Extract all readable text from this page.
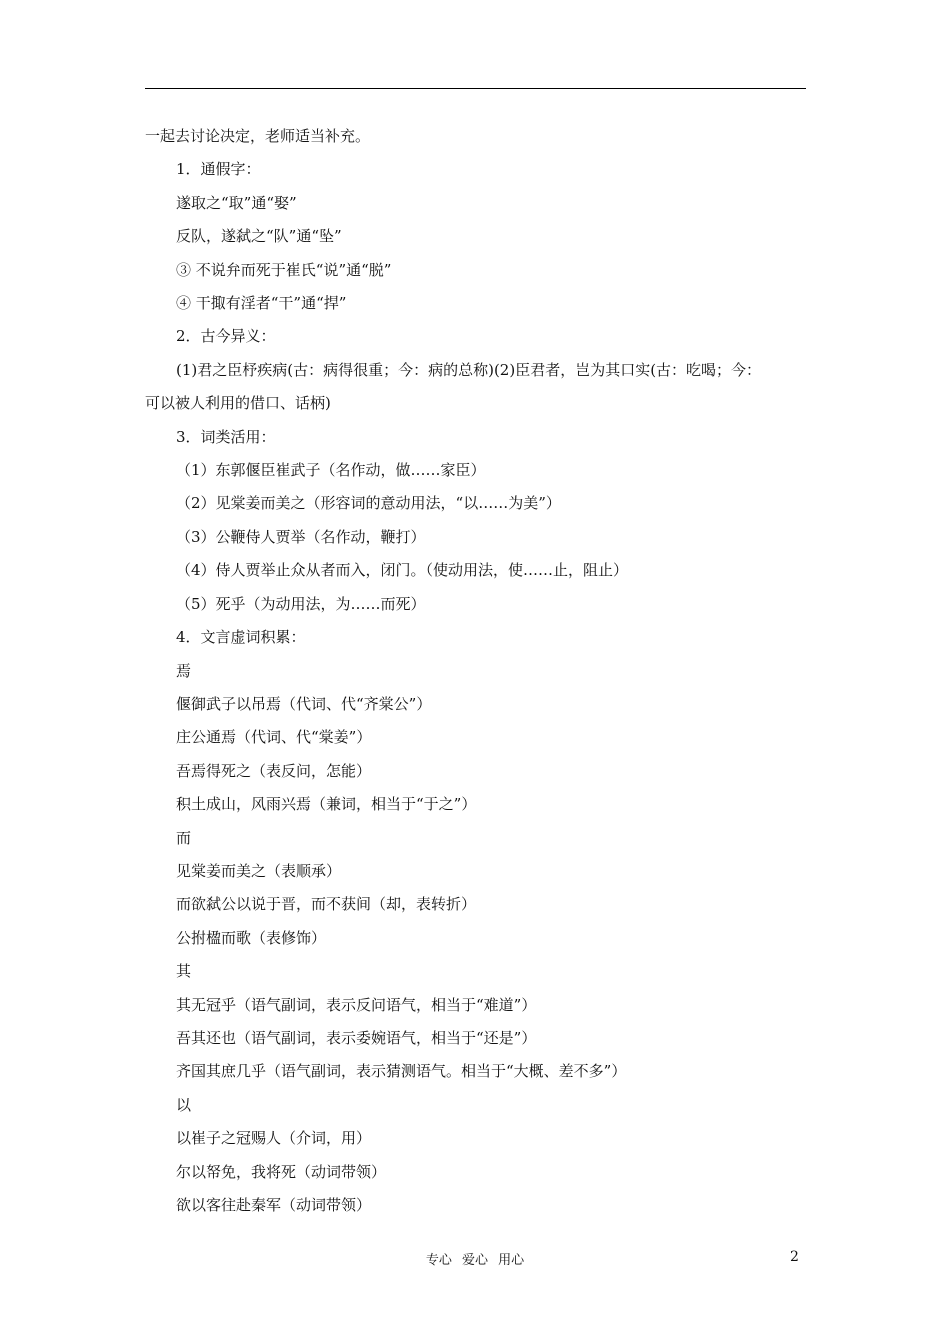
一起去讨论决定，老师适当补充。

1．通假字：

遂取之“取”通“娶”

反队，遂弑之“队”通“坠”

③ 不说弁而死于崔氏“说”通“脱”

④ 干掫有淫者“干”通“捍”

2．古今异义：

(1)君之臣杼疾病(古：病得很重；今：病的总称)(2)臣君者，岂为其口实(古：吃喝；今：

可以被人利用的借口、话柄)

3．词类活用：

（1）东郭偃臣崔武子（名作动，做……家臣）

（2）见棠姜而美之（形容词的意动用法，“以……为美”）

（3）公鞭侍人贾举（名作动，鞭打）

（4）侍人贾举止众从者而入，闭门。（使动用法，使……止，阻止）

（5）死乎（为动用法，为……而死）

4．文言虚词积累：

焉

偃御武子以吊焉（代词、代“齐棠公”）

庄公通焉（代词、代“棠姜”）

吾焉得死之（表反问，怎能）

积土成山，风雨兴焉（兼词，相当于“于之”）

而

见棠姜而美之（表顺承）

而欲弑公以说于晋，而不获间（却，表转折）

公拊楹而歌（表修饰）

其

其无冠乎（语气副词，表示反问语气，相当于“难道”）

吾其还也（语气副词，表示委婉语气，相当于“还是”）

齐国其庶几乎（语气副词，表示猜测语气。相当于“大概、差不多”）

以

以崔子之冠赐人（介词，用）

尔以帑免，我将死（动词带领）

欲以客往赴秦军（动词带领）

专心 爱心 用心	2
